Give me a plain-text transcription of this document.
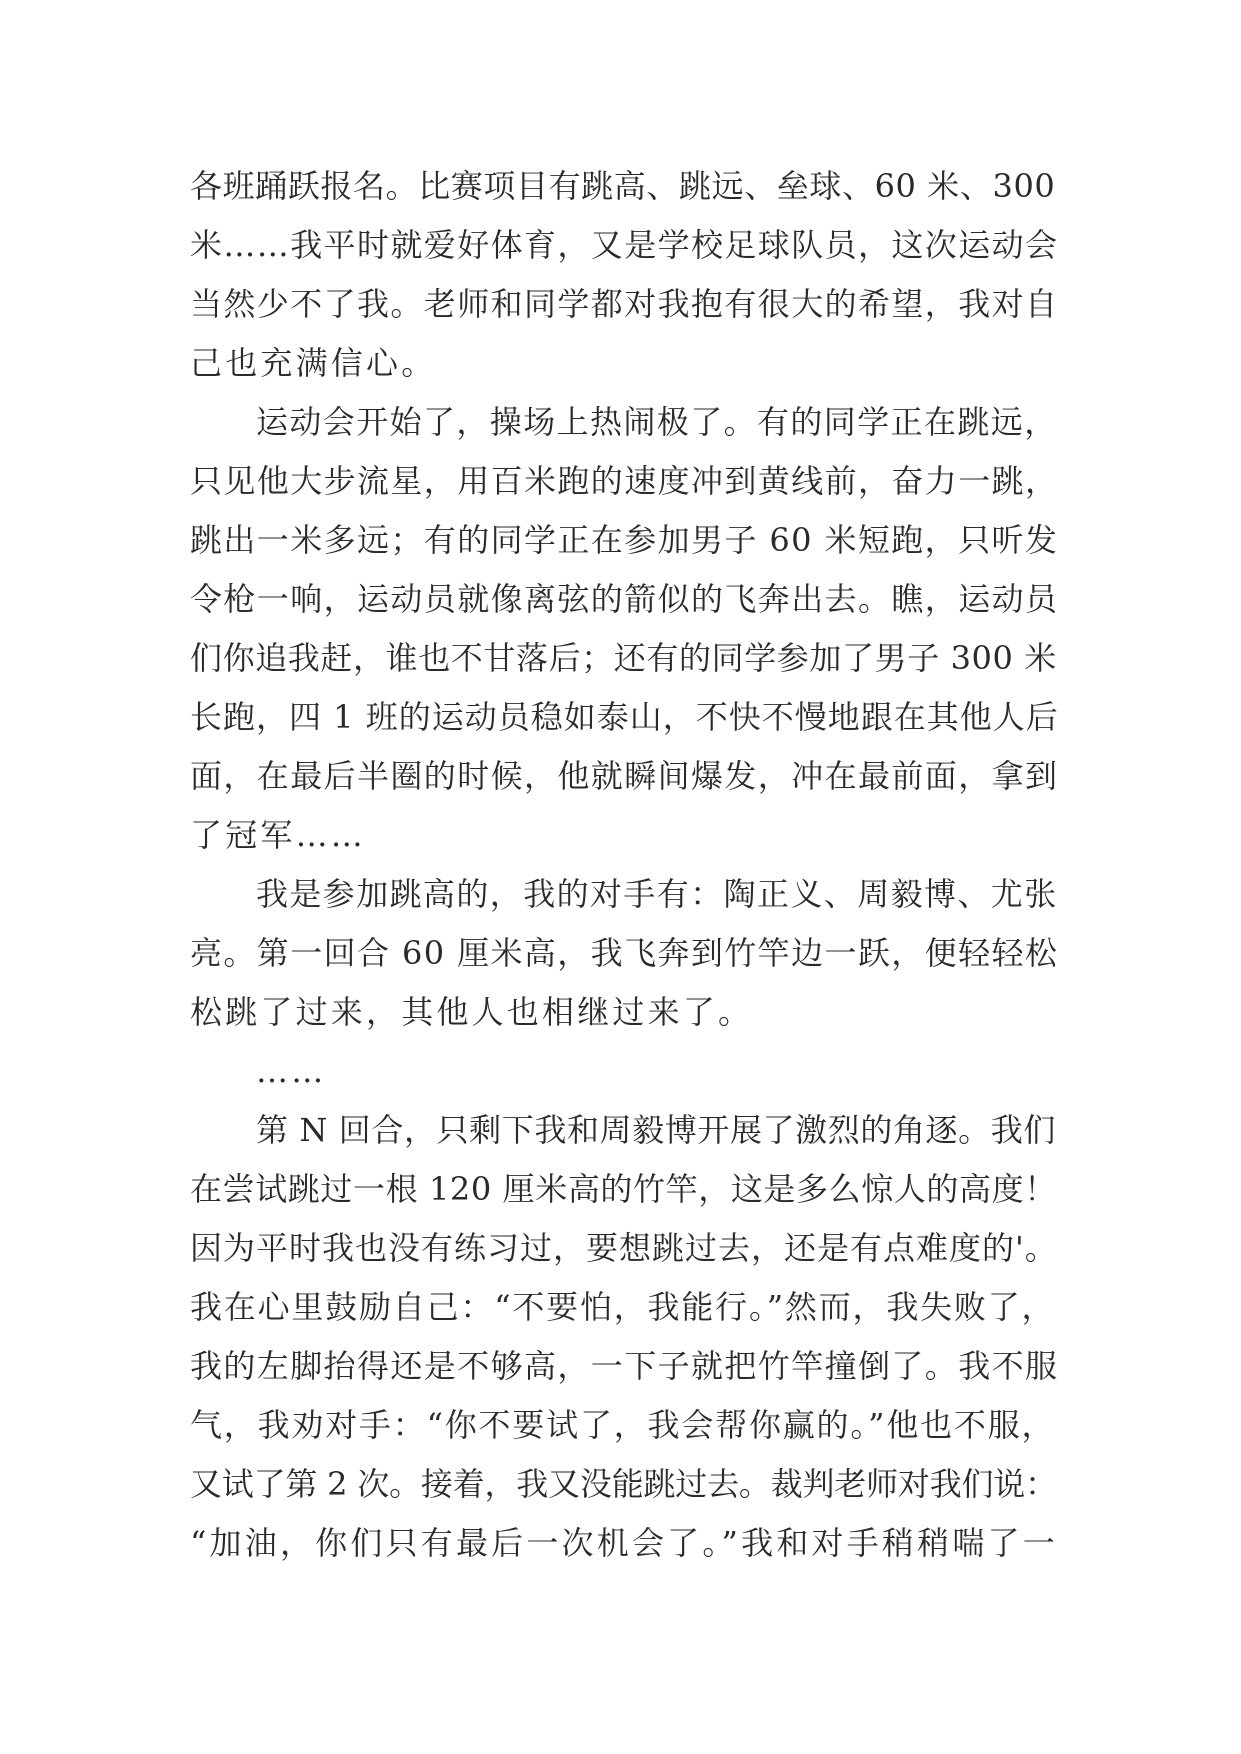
各班踊跃报名。比赛项目有跳高、跳远、垒球、60 米、300
米……我平时就爱好体育，又是学校足球队员，这次运动会
当然少不了我。老师和同学都对我抱有很大的希望，我对自
己也充满信心。
运动会开始了，操场上热闹极了。有的同学正在跳远，
只见他大步流星，用百米跑的速度冲到黄线前，奋力一跳，
跳出一米多远；有的同学正在参加男子 60 米短跑，只听发
令枪一响，运动员就像离弦的箭似的飞奔出去。瞧，运动员
们你追我赶，谁也不甘落后；还有的同学参加了男子 300 米
长跑，四 1 班的运动员稳如泰山，不快不慢地跟在其他人后
面，在最后半圈的时候，他就瞬间爆发，冲在最前面，拿到
了冠军……
我是参加跳高的，我的对手有：陶正义、周毅博、尤张
亮。第一回合 60 厘米高，我飞奔到竹竿边一跃，便轻轻松
松跳了过来，其他人也相继过来了。
……
第 N 回合，只剩下我和周毅博开展了激烈的角逐。我们
在尝试跳过一根 120 厘米高的竹竿，这是多么惊人的高度！
因为平时我也没有练习过，要想跳过去，还是有点难度的'。
我在心里鼓励自己：“不要怕，我能行。”然而，我失败了，
我的左脚抬得还是不够高，一下子就把竹竿撞倒了。我不服
气，我劝对手：“你不要试了，我会帮你赢的。”他也不服，
又试了第 2 次。接着，我又没能跳过去。裁判老师对我们说：
“加油，你们只有最后一次机会了。”我和对手稍稍喘了一
